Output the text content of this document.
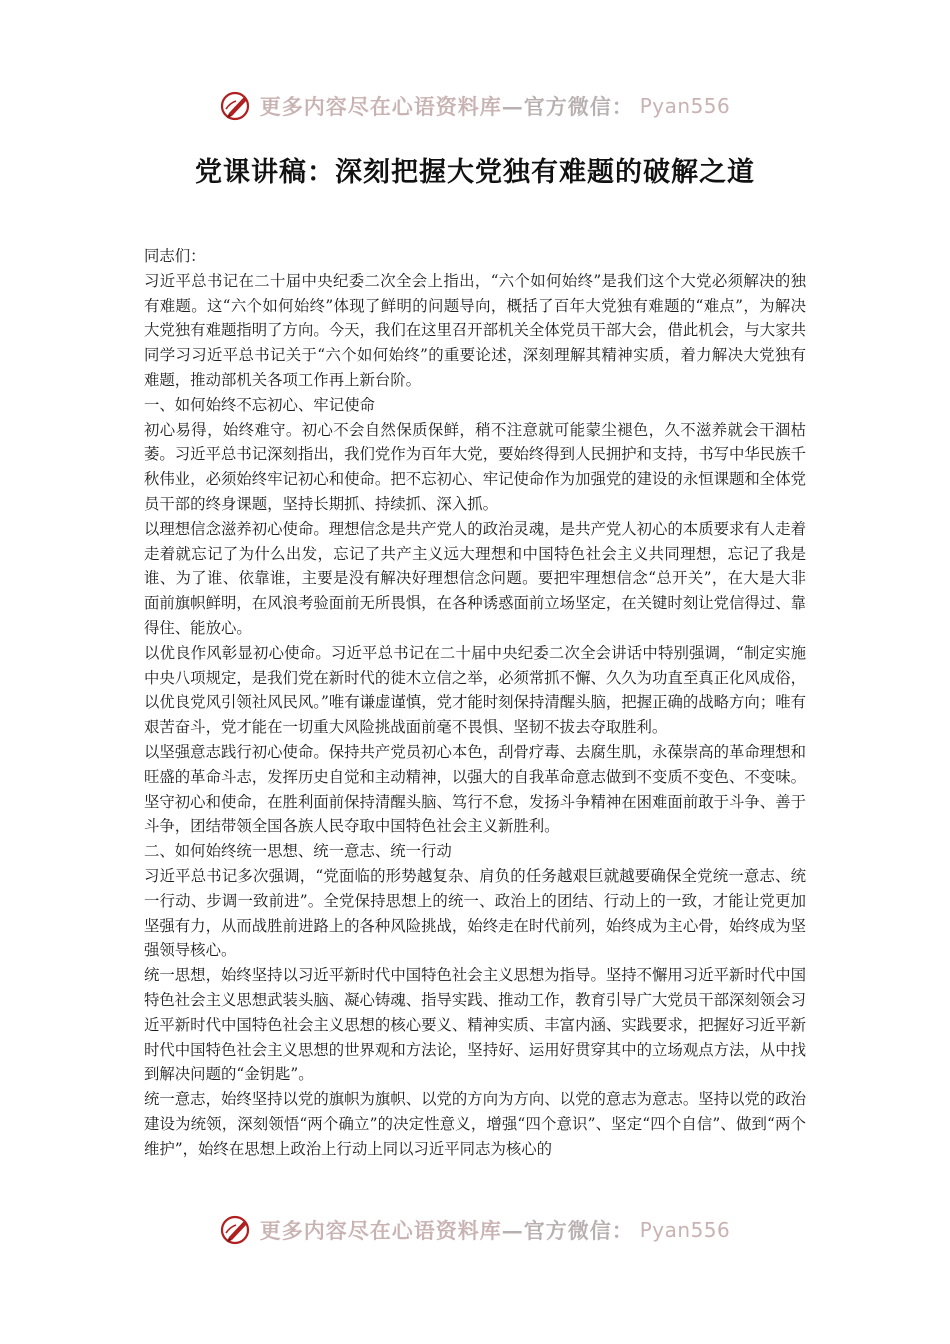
更多内容尽在心语资料库—官方微信： Pyan556
党课讲稿：深刻把握大党独有难题的破解之道

同志们：

习近平总书记在二十届中央纪委二次全会上指出，“六个如何始终”是我们这个大党必须解决的独有难题。这“六个如何始终”体现了鲜明的问题导向，概括了百年大党独有难题的“难点”，为解决大党独有难题指明了方向。今天，我们在这里召开部机关全体党员干部大会，借此机会，与大家共同学习习近平总书记关于“六个如何始终”的重要论述，深刻理解其精神实质，着力解决大党独有难题，推动部机关各项工作再上新台阶。

一、如何始终不忘初心、牢记使命

初心易得，始终难守。初心不会自然保质保鲜，稍不注意就可能蒙尘褪色，久不滋养就会干涸枯萎。习近平总书记深刻指出，我们党作为百年大党，要始终得到人民拥护和支持，书写中华民族千秋伟业，必须始终牢记初心和使命。把不忘初心、牢记使命作为加强党的建设的永恒课题和全体党员干部的终身课题，坚持长期抓、持续抓、深入抓。

以理想信念滋养初心使命。理想信念是共产党人的政治灵魂，是共产党人初心的本质要求有人走着走着就忘记了为什么出发，忘记了共产主义远大理想和中国特色社会主义共同理想，忘记了我是谁、为了谁、依靠谁，主要是没有解决好理想信念问题。要把牢理想信念“总开关”，在大是大非面前旗帜鲜明，在风浪考验面前无所畏惧，在各种诱惑面前立场坚定，在关键时刻让党信得过、靠得住、能放心。

以优良作风彰显初心使命。习近平总书记在二十届中央纪委二次全会讲话中特别强调，“制定实施中央八项规定，是我们党在新时代的徙木立信之举，必须常抓不懈、久久为功直至真正化风成俗，以优良党风引领社风民风。”唯有谦虚谨慎，党才能时刻保持清醒头脑，把握正确的战略方向；唯有艰苦奋斗，党才能在一切重大风险挑战面前毫不畏惧、坚韧不拔去夺取胜利。

以坚强意志践行初心使命。保持共产党员初心本色，刮骨疗毒、去腐生肌，永葆崇高的革命理想和旺盛的革命斗志，发挥历史自觉和主动精神，以强大的自我革命意志做到不变质不变色、不变味。坚守初心和使命，在胜利面前保持清醒头脑、笃行不怠，发扬斗争精神在困难面前敢于斗争、善于斗争，团结带领全国各族人民夺取中国特色社会主义新胜利。

二、如何始终统一思想、统一意志、统一行动

习近平总书记多次强调，“党面临的形势越复杂、肩负的任务越艰巨就越要确保全党统一意志、统一行动、步调一致前进”。全党保持思想上的统一、政治上的团结、行动上的一致，才能让党更加坚强有力，从而战胜前进路上的各种风险挑战，始终走在时代前列，始终成为主心骨，始终成为坚强领导核心。

统一思想，始终坚持以习近平新时代中国特色社会主义思想为指导。坚持不懈用习近平新时代中国特色社会主义思想武装头脑、凝心铸魂、指导实践、推动工作，教育引导广大党员干部深刻领会习近平新时代中国特色社会主义思想的核心要义、精神实质、丰富内涵、实践要求，把握好习近平新时代中国特色社会主义思想的世界观和方法论，坚持好、运用好贯穿其中的立场观点方法，从中找到解决问题的“金钥匙”。

统一意志，始终坚持以党的旗帜为旗帜、以党的方向为方向、以党的意志为意志。坚持以党的政治建设为统领，深刻领悟“两个确立”的决定性意义，增强“四个意识”、坚定“四个自信”、做到“两个维护”，始终在思想上政治上行动上同以习近平同志为核心的

更多内容尽在心语资料库—官方微信： Pyan556
